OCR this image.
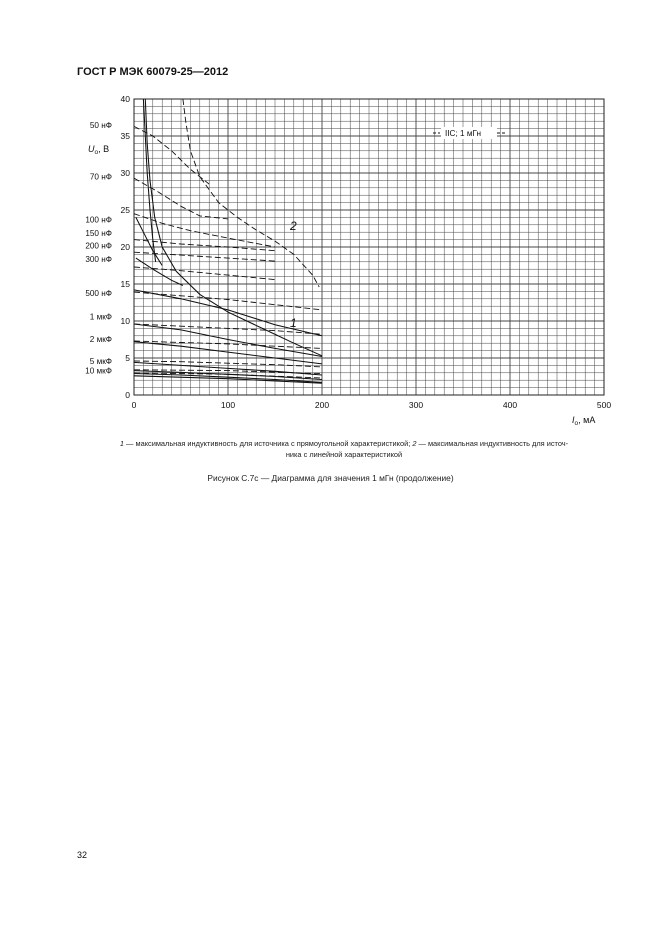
ГОСТ Р МЭК 60079-25—2012
0	100	200	300	400	500
0
5
10
15
20
25
30
35
40
50 нФ
70 нФ
100 нФ
150 нФ
200 нФ
300 нФ
500 нФ
1 мкФ
2 мкФ
5 мкФ
10 мкФ
$U_o$, В
$I_o$, мА
IIC; 1 мГн
2
1
1 — максимальная индуктивность для источника с прямоугольной характеристикой; 2 — максимальная индуктивность для источ-
ника с линейной характеристикой
Рисунок С.7с — Диаграмма для значения 1 мГн (продолжение)
32
